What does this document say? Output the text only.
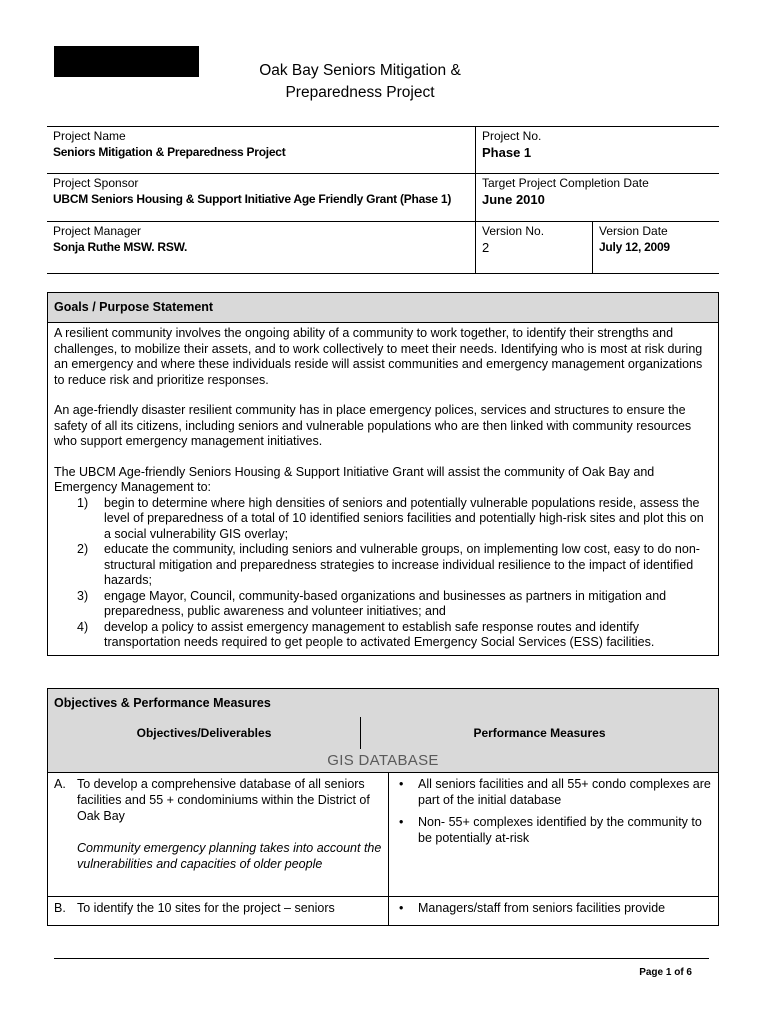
Oak Bay Seniors Mitigation &
Preparedness Project
Project Name
Seniors Mitigation & Preparedness Project
Project No.
Phase 1
Project Sponsor
UBCM Seniors Housing & Support Initiative Age Friendly Grant (Phase 1)
Target Project Completion Date
June 2010
Project Manager
Sonja Ruthe MSW. RSW.
Version No.
2
Version Date
July 12, 2009
Goals / Purpose Statement

A resilient community involves the ongoing ability of a community to work together, to identify their strengths and challenges, to mobilize their assets, and to work collectively to meet their needs. Identifying who is most at risk during an emergency and where these individuals reside will assist communities and emergency management organizations to reduce risk and prioritize responses.

An age-friendly disaster resilient community has in place emergency polices, services and structures to ensure the safety of all its citizens, including seniors and vulnerable populations who are then linked with community resources who support emergency management initiatives.

The UBCM Age-friendly Seniors Housing & Support Initiative Grant will assist the community of Oak Bay and Emergency Management to:

1) begin to determine where high densities of seniors and potentially vulnerable populations reside, assess the level of preparedness of a total of 10 identified seniors facilities and potentially high-risk sites and plot this on a social vulnerability GIS overlay;
2) educate the community, including seniors and vulnerable groups, on implementing low cost, easy to do non-structural mitigation and preparedness strategies to increase individual resilience to the impact of identified hazards;
3) engage Mayor, Council, community-based organizations and businesses as partners in mitigation and preparedness, public awareness and volunteer initiatives; and
4) develop a policy to assist emergency management to establish safe response routes and identify transportation needs required to get people to activated Emergency Social Services (ESS) facilities.
Objectives & Performance Measures
Objectives/Deliverables	Performance Measures
GIS DATABASE
A. To develop a comprehensive database of all seniors facilities and 55 + condominiums within the District of Oak Bay
Community emergency planning takes into account the vulnerabilities and capacities of older people
• All seniors facilities and all 55+ condo complexes are part of the initial database
• Non- 55+ complexes identified by the community to be potentially at-risk
B. To identify the 10 sites for the project – seniors	• Managers/staff from seniors facilities provide
Page 1 of 6
